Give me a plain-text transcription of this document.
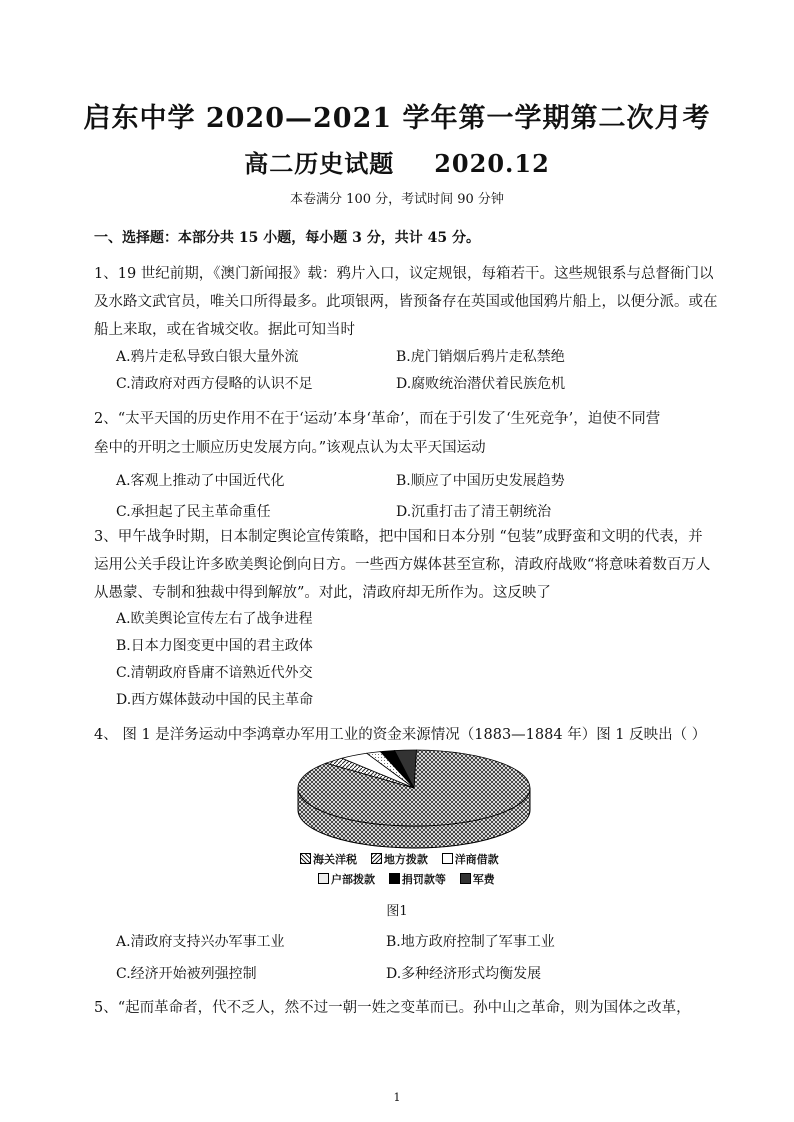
启东中学 2020—2021 学年第一学期第二次月考
高二历史试题 2020.12
本卷满分 100 分，考试时间 90 分钟
一、选择题：本部分共 15 小题，每小题 3 分，共计 45 分。
1、19 世纪前期，《澳门新闻报》载：鸦片入口，议定规银，每箱若干。这些规银系与总督衙门以
及水路文武官员，唯关口所得最多。此项银两，皆预备存在英国或他国鸦片船上，以便分派。或在
船上来取，或在省城交收。据此可知当时
A.鸦片走私导致白银大量外流	B.虎门销烟后鸦片走私禁绝
C.清政府对西方侵略的认识不足	D.腐败统治潜伏着民族危机
2、“太平天国的历史作用不在于‘运动’本身‘革命’，而在于引发了‘生死竞争’，迫使不同营
垒中的开明之士顺应历史发展方向。”该观点认为太平天国运动
A.客观上推动了中国近代化	B.顺应了中国历史发展趋势
C.承担起了民主革命重任	D.沉重打击了清王朝统治
3、甲午战争时期，日本制定舆论宣传策略，把中国和日本分别 “包装”成野蛮和文明的代表，并
运用公关手段让许多欧美舆论倒向日方。一些西方媒体甚至宣称，清政府战败“将意味着数百万人
从愚蒙、专制和独裁中得到解放”。对此，清政府却无所作为。这反映了
A.欧美舆论宣传左右了战争进程
B.日本力图变更中国的君主政体
C.清朝政府昏庸不谙熟近代外交
D.西方媒体鼓动中国的民主革命
4、 图 1 是洋务运动中李鸿章办军用工业的资金来源情况（1883—1884 年）图 1 反映出（ ）
海关洋税 地方拨款 洋商借款
户部拨款 捐罚款等 军费
图1
A.清政府支持兴办军事工业	B.地方政府控制了军事工业
C.经济开始被列强控制	D.多种经济形式均衡发展
5、“起而革命者，代不乏人，然不过一朝一姓之变革而已。孙中山之革命，则为国体之改革，
1
